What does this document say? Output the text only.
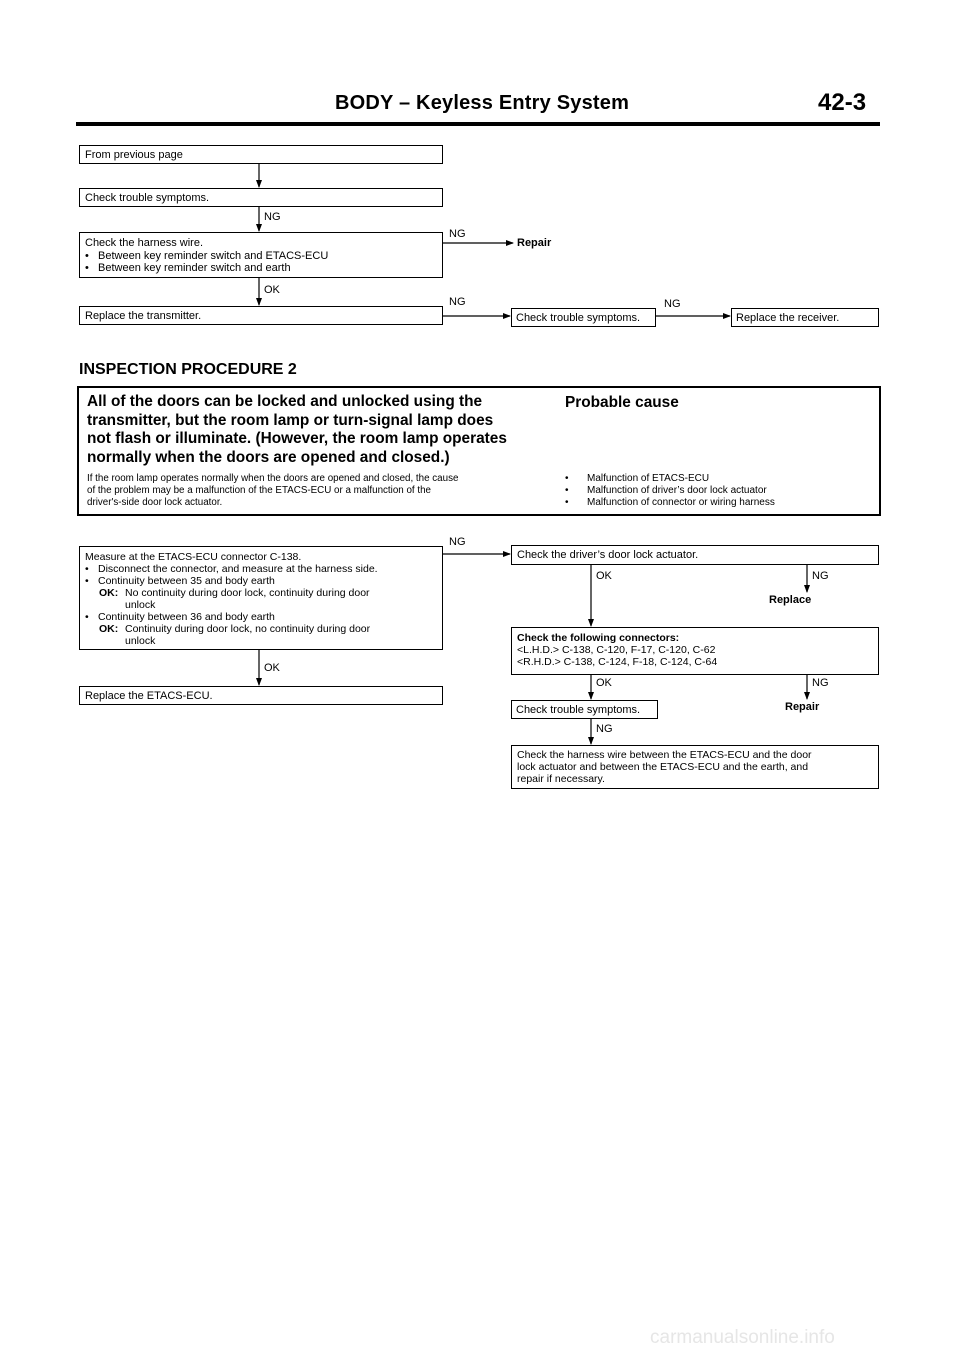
BODY – Keyless Entry System	42-3
From previous page
Check trouble symptoms.
NG
Check the harness wire.
• Between key reminder switch and ETACS-ECU
• Between key reminder switch and earth
NG
Repair
OK
Replace the transmitter.
NG
Check trouble symptoms.
NG
Replace the receiver.
INSPECTION PROCEDURE 2
All of the doors can be locked and unlocked using the
transmitter, but the room lamp or turn-signal lamp does
not flash or illuminate. (However, the room lamp operates
normally when the doors are opened and closed.)
Probable cause
If the room lamp operates normally when the doors are opened and closed, the cause
of the problem may be a malfunction of the ETACS-ECU or a malfunction of the
driver's-side door lock actuator.
•	Malfunction of ETACS-ECU
•	Malfunction of driver’s door lock actuator
•	Malfunction of connector or wiring harness
Measure at the ETACS-ECU connector C-138.
• Disconnect the connector, and measure at the harness side.
• Continuity between 35 and body earth
OK: No continuity during door lock, continuity during door
unlock
• Continuity between 36 and body earth
OK: Continuity during door lock, no continuity during door
unlock
NG
OK
Replace the ETACS-ECU.
Check the driver’s door lock actuator.
OK	NG
Replace
Check the following connectors:
<L.H.D.> C-138, C-120, F-17, C-120, C-62
<R.H.D.> C-138, C-124, F-18, C-124, C-64
OK	NG
Check trouble symptoms.	Repair
NG
Check the harness wire between the ETACS-ECU and the door
lock actuator and between the ETACS-ECU and the earth, and
repair if necessary.
carmanualsonline.info
